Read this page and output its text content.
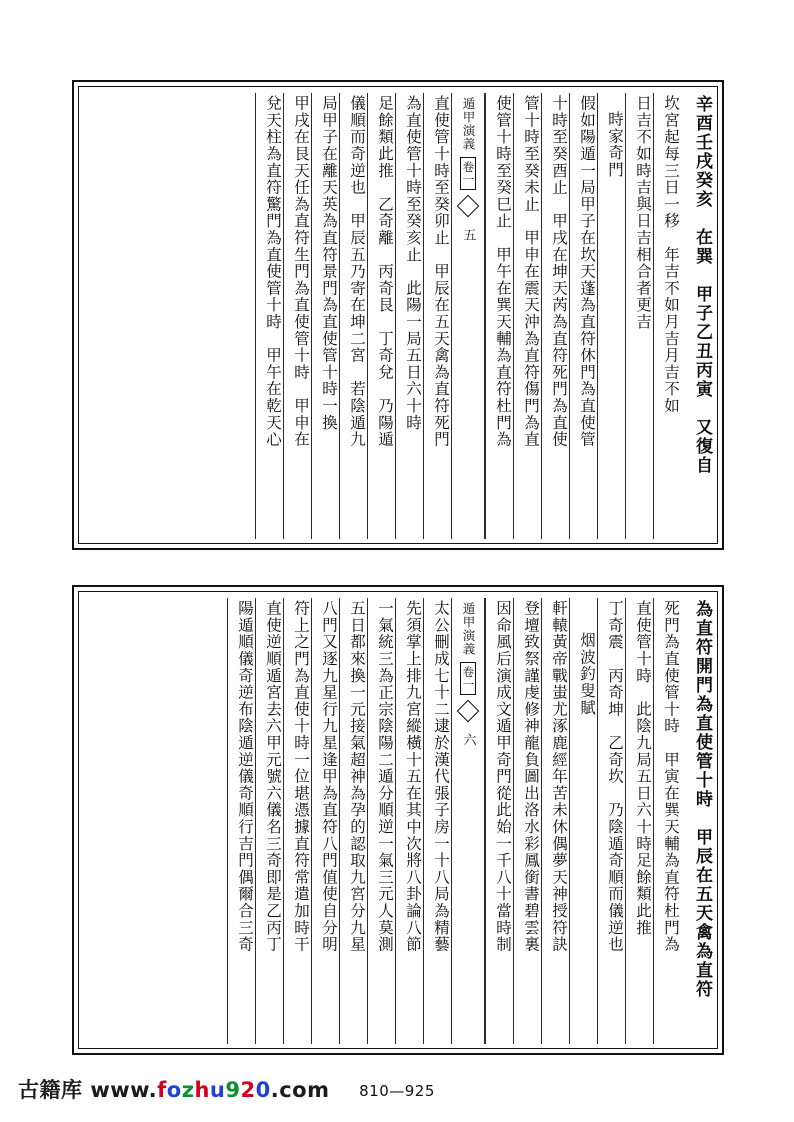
辛酉壬戌癸亥　在巽　甲子乙丑丙寅　又復自
坎宮起每三日一移　年吉不如月吉月吉不如
日吉不如時吉與日吉相合者更吉
時家奇門
假如陽遁一局甲子在坎天蓬為直符休門為直使管
十時至癸酉止　甲戌在坤天芮為直符死門為直使
管十時至癸未止　甲申在震天沖為直符傷門為直
使管十時至癸巳止　甲午在巽天輔為直符杜門為
遁甲演義
卷一
五
直使管十時至癸卯止　甲辰在五天禽為直符死門
為直使管十時至癸亥止　此陽一局五日六十時
足餘類此推　乙奇離　丙奇艮　丁奇兌　乃陽遁
儀順而奇逆也　甲辰五乃寄在坤二宮　若陰遁九
局甲子在離天英為直符景門為直使管十時一換
甲戌在艮天任為直符生門為直使管十時　甲申在
兌天柱為直符驚門為直使管十時　甲午在乾天心
為直符開門為直使管十時　甲辰在五天禽為直符
死門為直使管十時　甲寅在巽天輔為直符杜門為
直使管十時　此陰九局五日六十時足餘類此推
丁奇震　丙奇坤　乙奇坎　乃陰遁奇順而儀逆也
烟波釣叟賦
軒轅黃帝戰蚩尤涿鹿經年苦未休偶夢天神授符訣
登壇致祭謹虔修神龍負圖出洛水彩鳳銜書碧雲裏
因命風后演成文遁甲奇門從此始一千八十當時制
遁甲演義
卷一
六
太公刪成七十二逮於漢代張子房一十八局為精藝
先須掌上排九宮縱橫十五在其中次將八卦論八節
一氣統三為正宗陰陽二遁分順逆一氣三元人莫測
五日都來換一元接氣超神為孕的認取九宮分九星
八門又逐九星行九星逢甲為直符八門值使自分明
符上之門為直使十時一位堪憑據直符常遣加時干
直使逆順遁宮去六甲元號六儀名三奇即是乙丙丁
陽遁順儀奇逆布陰遁逆儀奇順行吉門偶爾合三奇
古籍库 www.fozhu920.com	810—925
